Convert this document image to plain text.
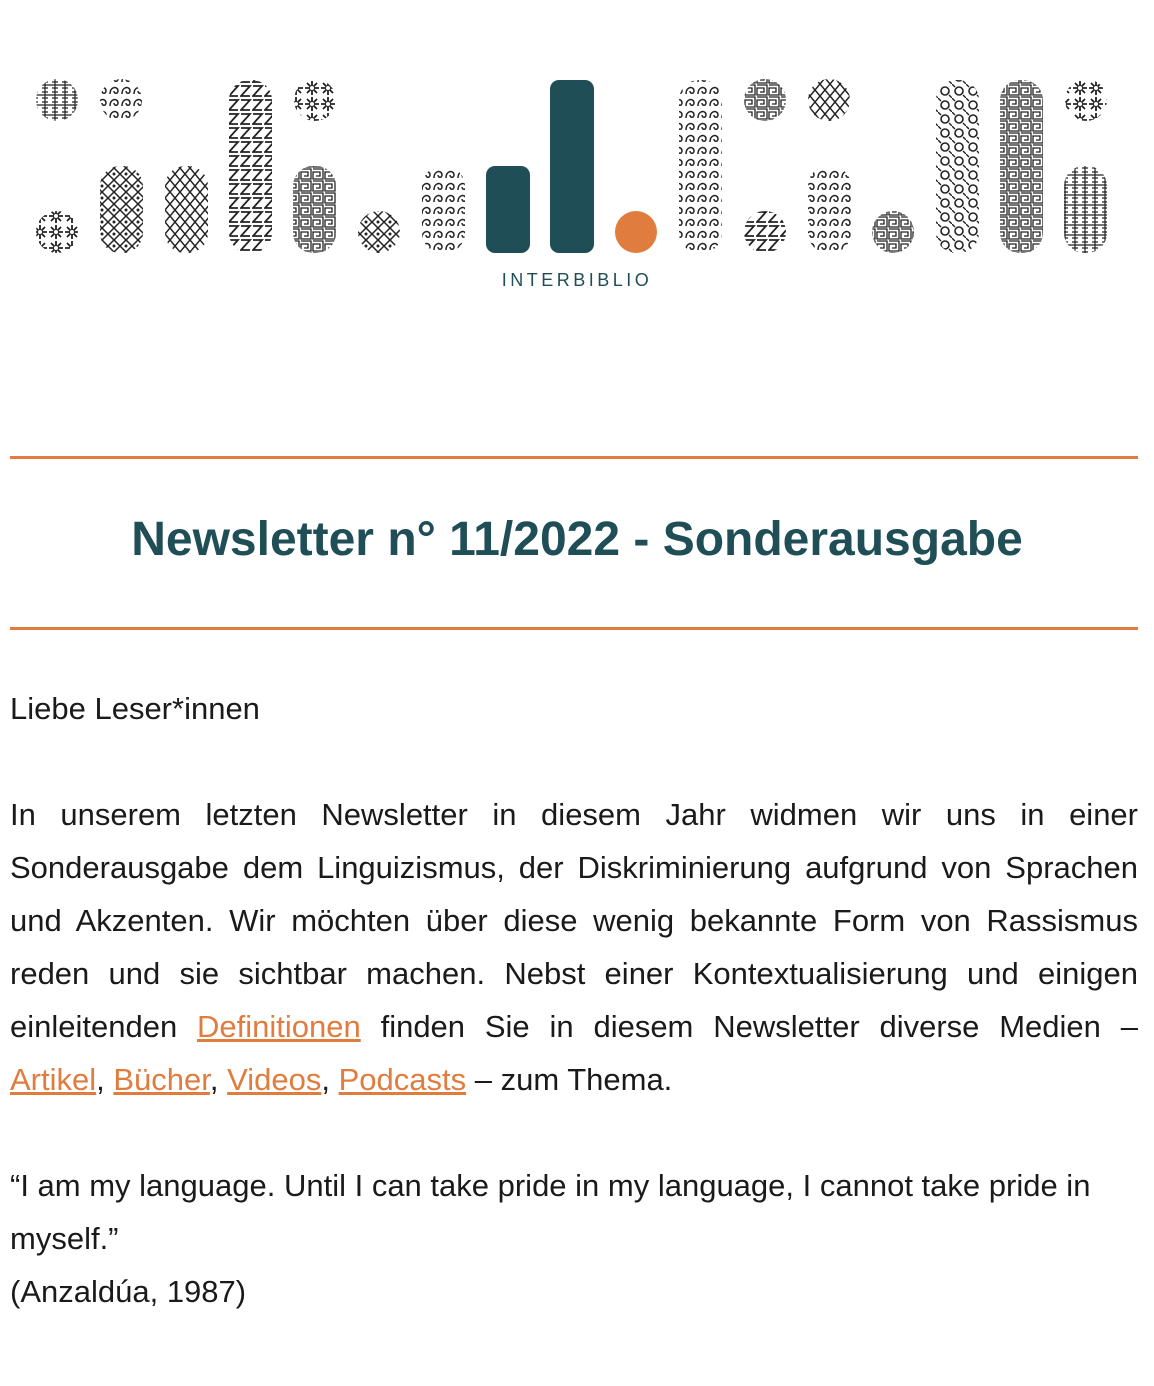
INTERBIBLIO
Newsletter n° 11/2022 - Sonderausgabe

Liebe Leser*innen

In unserem letzten Newsletter in diesem Jahr widmen wir uns in einer Sonderausgabe dem Linguizismus, der Diskriminierung aufgrund von Sprachen und Akzenten. Wir möchten über diese wenig bekannte Form von Rassismus reden und sie sichtbar machen. Nebst einer Kontextualisierung und einigen einleitenden Definitionen finden Sie in diesem Newsletter diverse Medien – Artikel, Bücher, Videos, Podcasts – zum Thema.

“I am my language. Until I can take pride in my language, I cannot take pride in myself.”

(Anzaldúa, 1987)
